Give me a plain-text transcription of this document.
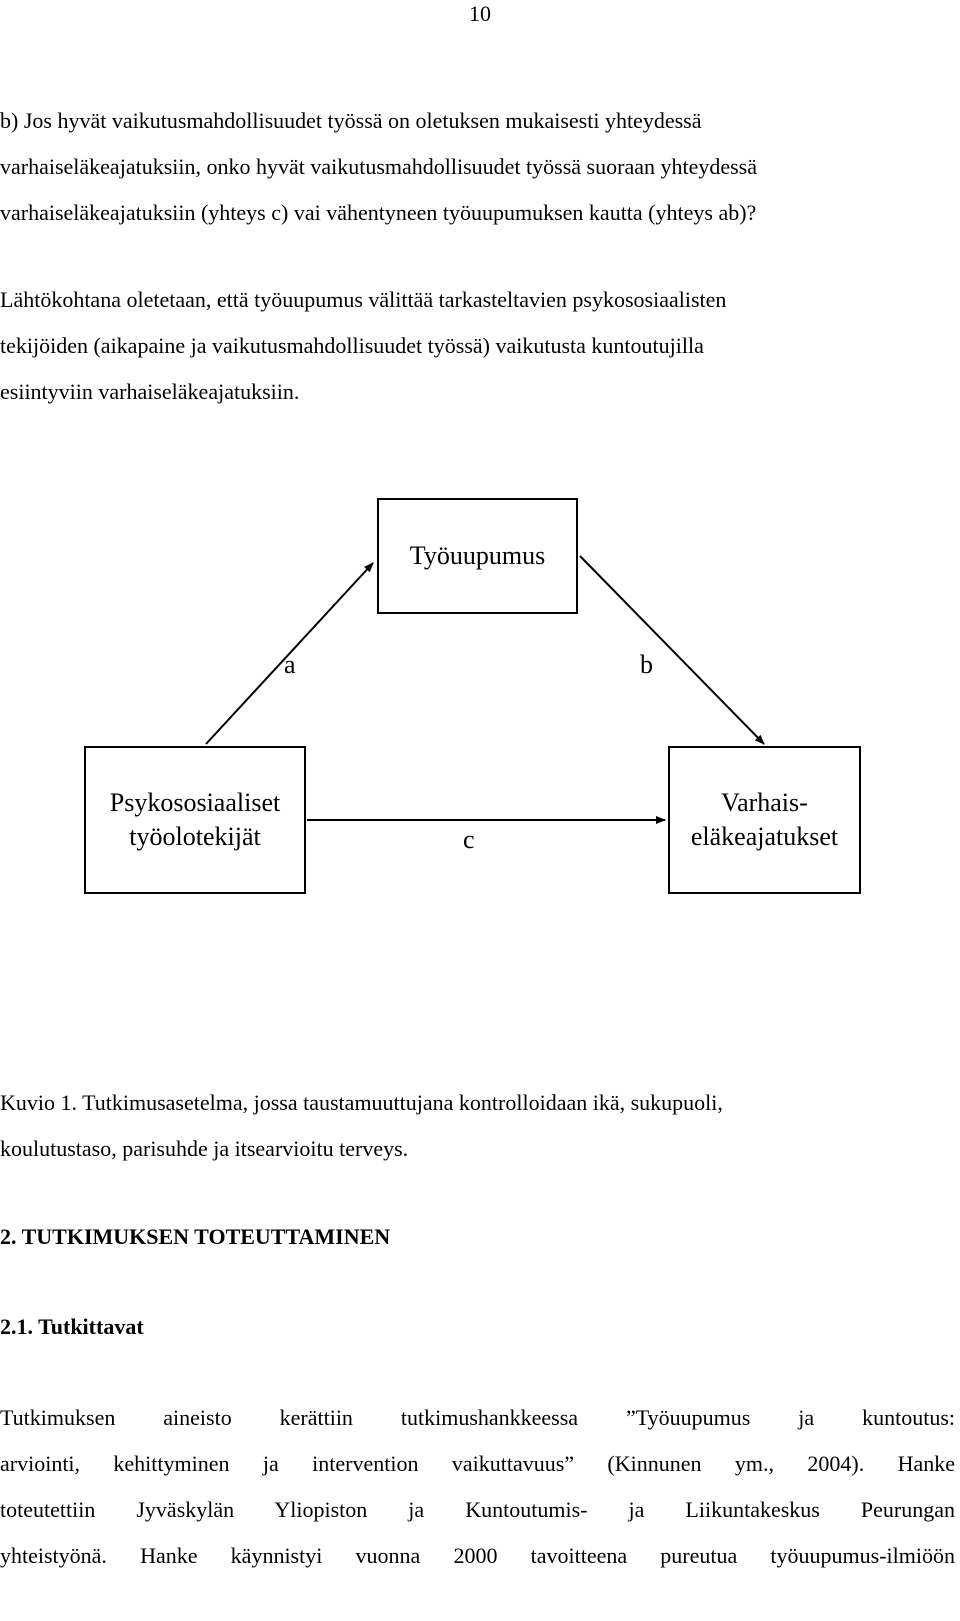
10
b) Jos hyvät vaikutusmahdollisuudet työssä on oletuksen mukaisesti yhteydessä
varhaiseläkeajatuksiin, onko hyvät vaikutusmahdollisuudet työssä suoraan yhteydessä
varhaiseläkeajatuksiin (yhteys c) vai vähentyneen työuupumuksen kautta (yhteys ab)?
Lähtökohtana oletetaan, että työuupumus välittää tarkasteltavien psykososiaalisten
tekijöiden (aikapaine ja vaikutusmahdollisuudet työssä) vaikutusta kuntoutujilla
esiintyviin varhaiseläkeajatuksiin.
Työuupumus
Psykososiaaliset
työolotekijät
Varhais-
eläkeajatukset
a	b
c
Kuvio 1. Tutkimusasetelma, jossa taustamuuttujana kontrolloidaan ikä, sukupuoli,
koulutustaso, parisuhde ja itsearvioitu terveys.
2. TUTKIMUKSEN TOTEUTTAMINEN
2.1. Tutkittavat
Tutkimuksen aineisto kerättiin tutkimushankkeessa ”Työuupumus ja kuntoutus:
arviointi, kehittyminen ja intervention vaikuttavuus” (Kinnunen ym., 2004). Hanke
toteutettiin Jyväskylän Yliopiston ja Kuntoutumis- ja Liikuntakeskus Peurungan
yhteistyönä. Hanke käynnistyi vuonna 2000 tavoitteena pureutua työuupumus-ilmiöön
